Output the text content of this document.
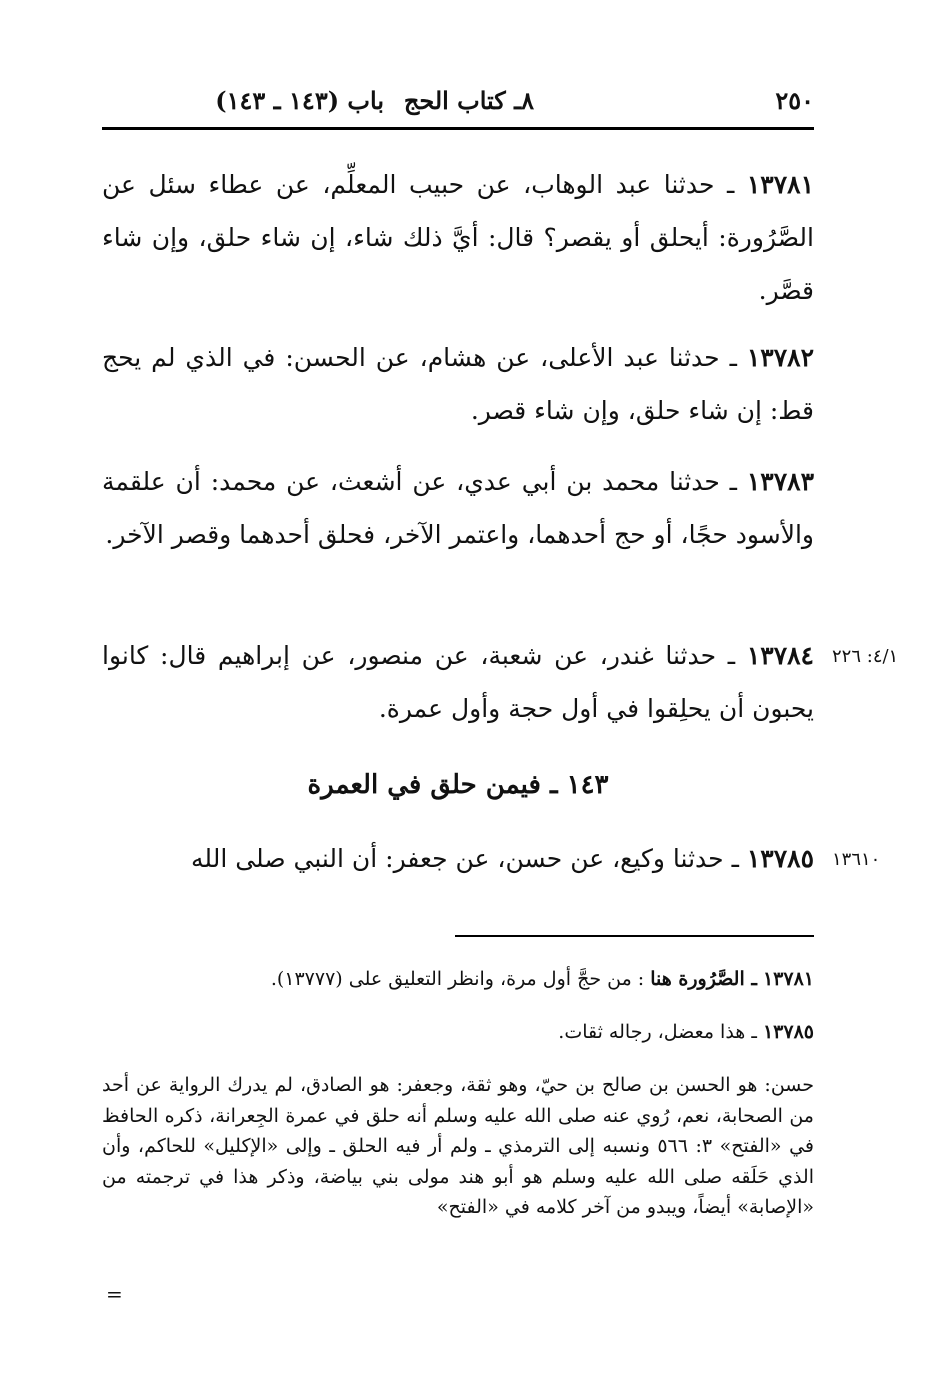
٢٥٠
٨ـ كتاب الحج
باب (١٤٣ ـ ١٤٣)

١٣٧٨١ ـ حدثنا عبد الوهاب، عن حبيب المعلِّم، عن عطاء سئل عن الصَّرُورة: أيحلق أو يقصر؟ قال: أيَّ ذلك شاء، إن شاء حلق، وإن شاء قصَّر.

١٣٧٨٢ ـ حدثنا عبد الأعلى، عن هشام، عن الحسن: في الذي لم يحج قط: إن شاء حلق، وإن شاء قصر.

١٣٧٨٣ ـ حدثنا محمد بن أبي عدي، عن أشعث، عن محمد: أن علقمة والأسود حجًا، أو حج أحدهما، واعتمر الآخر، فحلق أحدهما وقصر الآخر.

١٣٧٨٤ ـ حدثنا غندر، عن شعبة، عن منصور، عن إبراهيم قال: كانوا يحبون أن يحلِقوا في أول حجة وأول عمرة.

٤/١: ٢٢٦
١٤٣ ـ فيمن حلق في العمرة

١٣٧٨٥ ـ حدثنا وكيع، عن حسن، عن جعفر: أن النبي صلى الله	١٣٦١٠

١٣٧٨١ ـ الصَّرُورة هنا : من حجَّ أول مرة، وانظر التعليق على (١٣٧٧٧).

١٣٧٨٥ ـ هذا معضل، رجاله ثقات.

حسن: هو الحسن بن صالح بن حيّ، وهو ثقة، وجعفر: هو الصادق، لم يدرك الرواية عن أحد من الصحابة، نعم، رُوي عنه صلى الله عليه وسلم أنه حلق في عمرة الجِعرانة، ذكره الحافظ في «الفتح» ٣: ٥٦٦ ونسبه إلى الترمذي ـ ولم أر فيه الحلق ـ وإلى «الإكليل» للحاكم، وأن الذي حَلَقه صلى الله عليه وسلم هو أبو هند مولى بني بياضة، وذكر هذا في ترجمته من «الإصابة» أيضاً، ويبدو من آخر كلامه في «الفتح»

=
